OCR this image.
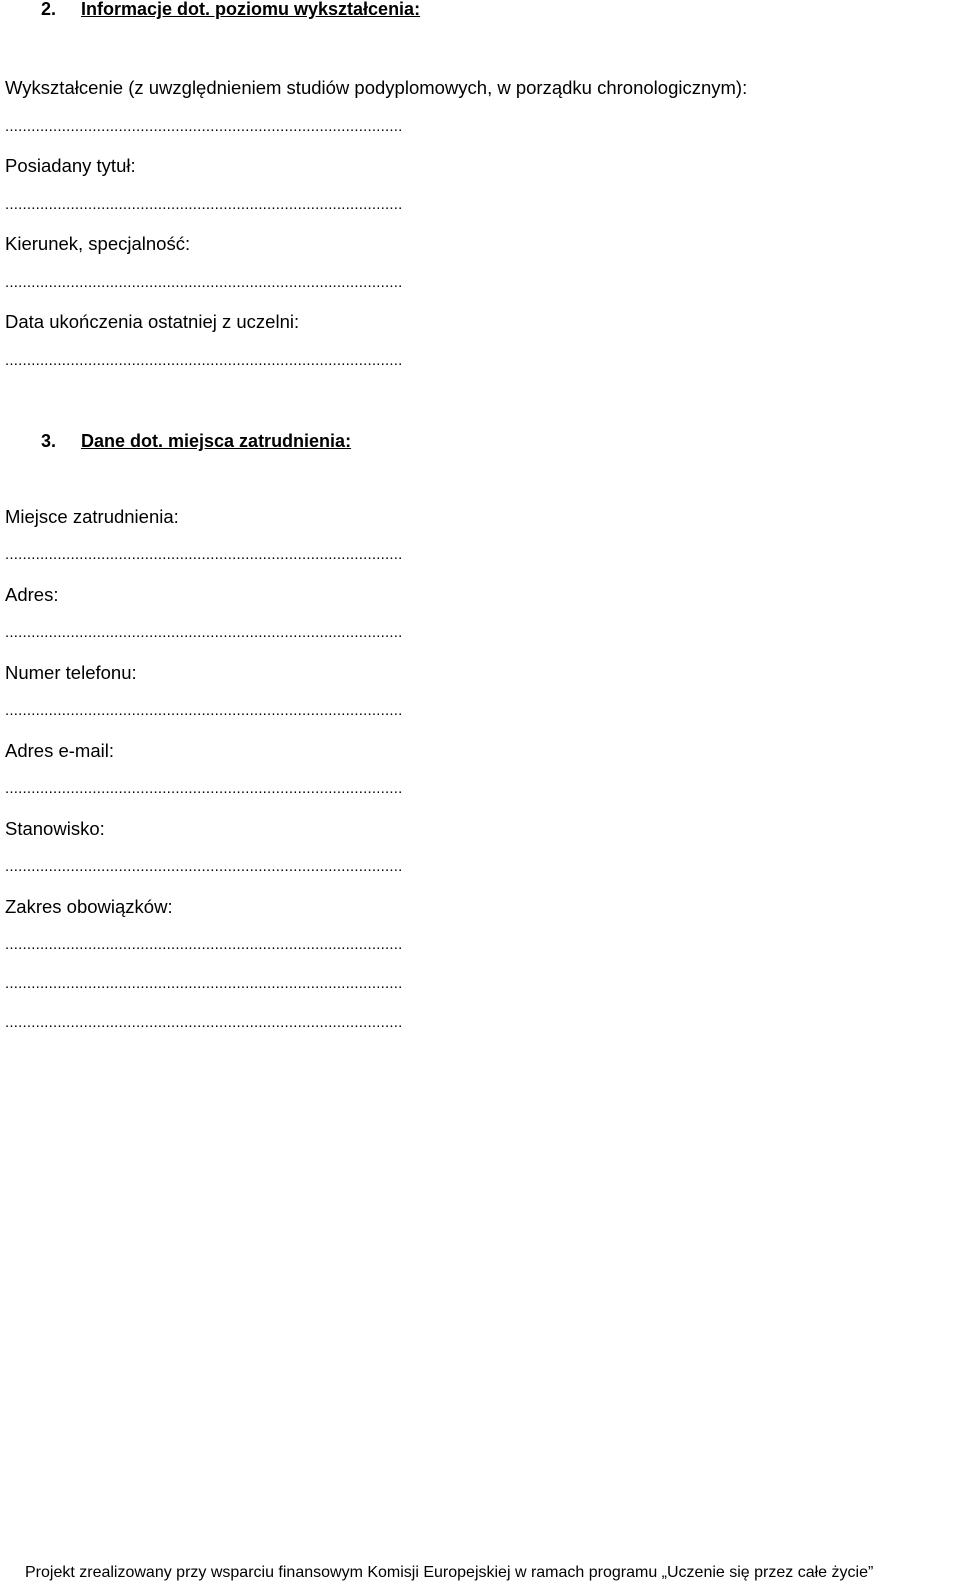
2. Informacje dot. poziomu wykształcenia:
Wykształcenie (z uwzględnieniem studiów podyplomowych, w porządku chronologicznym):
...........................................................................................
Posiadany tytuł:
...........................................................................................
Kierunek, specjalność:
...........................................................................................
Data ukończenia ostatniej z uczelni:
...........................................................................................
3. Dane dot. miejsca zatrudnienia:
Miejsce zatrudnienia:
...........................................................................................
Adres:
...........................................................................................
Numer telefonu:
...........................................................................................
Adres e-mail:
...........................................................................................
Stanowisko:
...........................................................................................
Zakres obowiązków:
...........................................................................................
...........................................................................................
...........................................................................................
Projekt zrealizowany przy wsparciu finansowym Komisji Europejskiej w ramach programu „Uczenie się przez całe życie”
